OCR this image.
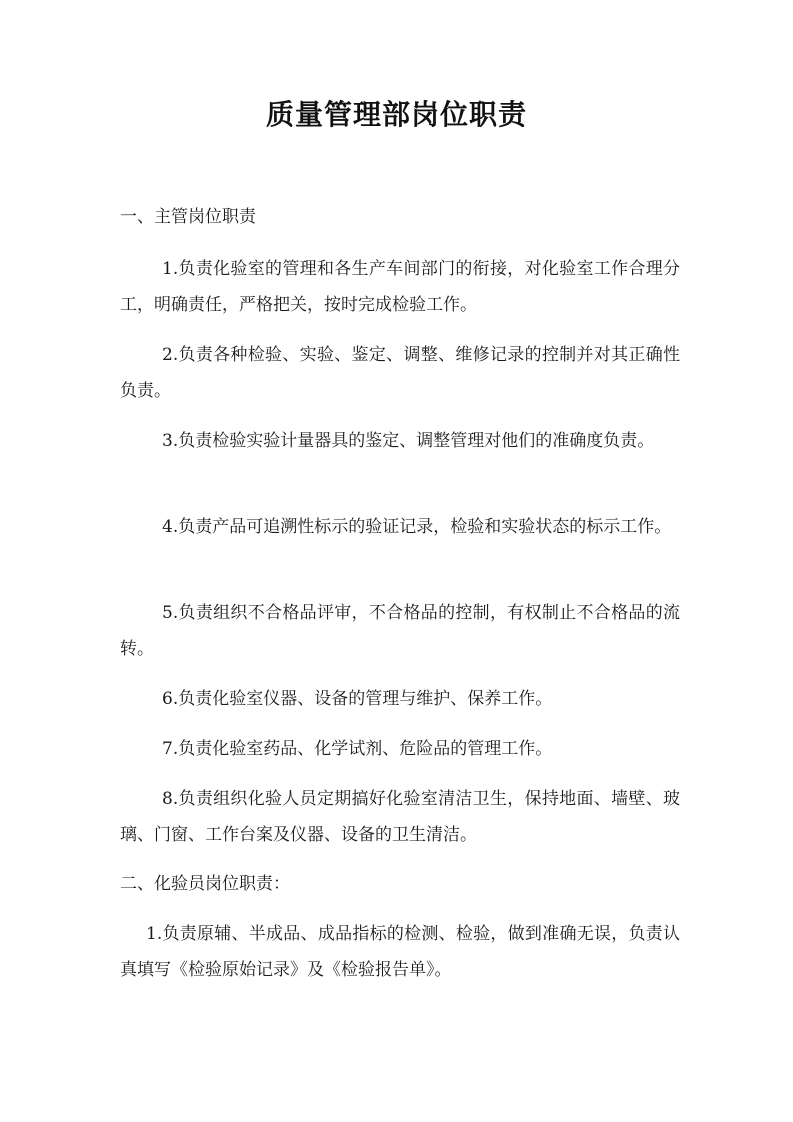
质量管理部岗位职责

一、主管岗位职责

1.负责化验室的管理和各生产车间部门的衔接，对化验室工作合理分工，明确责任，严格把关，按时完成检验工作。

2.负责各种检验、实验、鉴定、调整、维修记录的控制并对其正确性负责。

3.负责检验实验计量器具的鉴定、调整管理对他们的准确度负责。

4.负责产品可追溯性标示的验证记录，检验和实验状态的标示工作。

5.负责组织不合格品评审，不合格品的控制，有权制止不合格品的流转。

6.负责化验室仪器、设备的管理与维护、保养工作。

7.负责化验室药品、化学试剂、危险品的管理工作。

8.负责组织化验人员定期搞好化验室清洁卫生，保持地面、墙壁、玻璃、门窗、工作台案及仪器、设备的卫生清洁。

二、化验员岗位职责：

1.负责原辅、半成品、成品指标的检测、检验，做到准确无误，负责认真填写《检验原始记录》及《检验报告单》。
